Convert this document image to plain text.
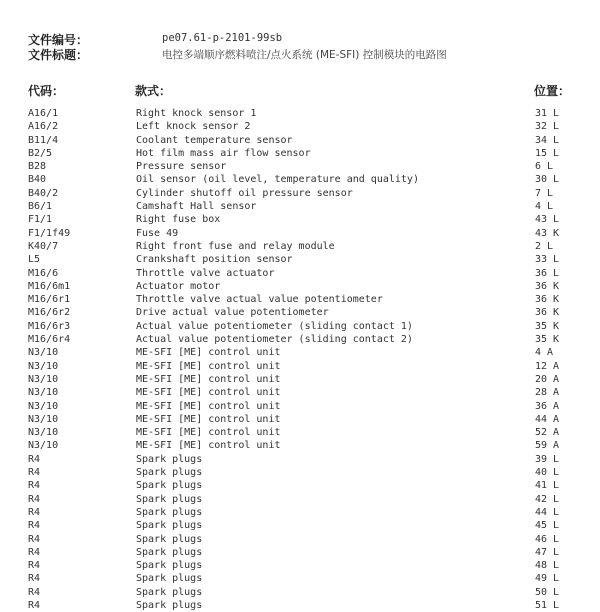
文件编号：	pe07.61-p-2101-99sb
文件标题：	电控多端顺序燃料喷注/点火系统 (ME-SFI) 控制模块的电路图
代码：	款式：	位置：
A16/1	Right knock sensor 1	31 L
A16/2	Left knock sensor 2	32 L
B11/4	Coolant temperature sensor	34 L
B2/5	Hot film mass air flow sensor	15 L
B28	Pressure sensor	6 L
B40	Oil sensor (oil level, temperature and quality)	30 L
B40/2	Cylinder shutoff oil pressure sensor	7 L
B6/1	Camshaft Hall sensor	4 L
F1/1	Right fuse box	43 L
F1/1f49	Fuse 49	43 K
K40/7	Right front fuse and relay module	2 L
L5	Crankshaft position sensor	33 L
M16/6	Throttle valve actuator	36 L
M16/6m1	Actuator motor	36 K
M16/6r1	Throttle valve actual value potentiometer	36 K
M16/6r2	Drive actual value potentiometer	36 K
M16/6r3	Actual value potentiometer (sliding contact 1)	35 K
M16/6r4	Actual value potentiometer (sliding contact 2)	35 K
N3/10	ME-SFI [ME] control unit	4 A
N3/10	ME-SFI [ME] control unit	12 A
N3/10	ME-SFI [ME] control unit	20 A
N3/10	ME-SFI [ME] control unit	28 A
N3/10	ME-SFI [ME] control unit	36 A
N3/10	ME-SFI [ME] control unit	44 A
N3/10	ME-SFI [ME] control unit	52 A
N3/10	ME-SFI [ME] control unit	59 A
R4	Spark plugs	39 L
R4	Spark plugs	40 L
R4	Spark plugs	41 L
R4	Spark plugs	42 L
R4	Spark plugs	44 L
R4	Spark plugs	45 L
R4	Spark plugs	46 L
R4	Spark plugs	47 L
R4	Spark plugs	48 L
R4	Spark plugs	49 L
R4	Spark plugs	50 L
R4	Spark plugs	51 L
